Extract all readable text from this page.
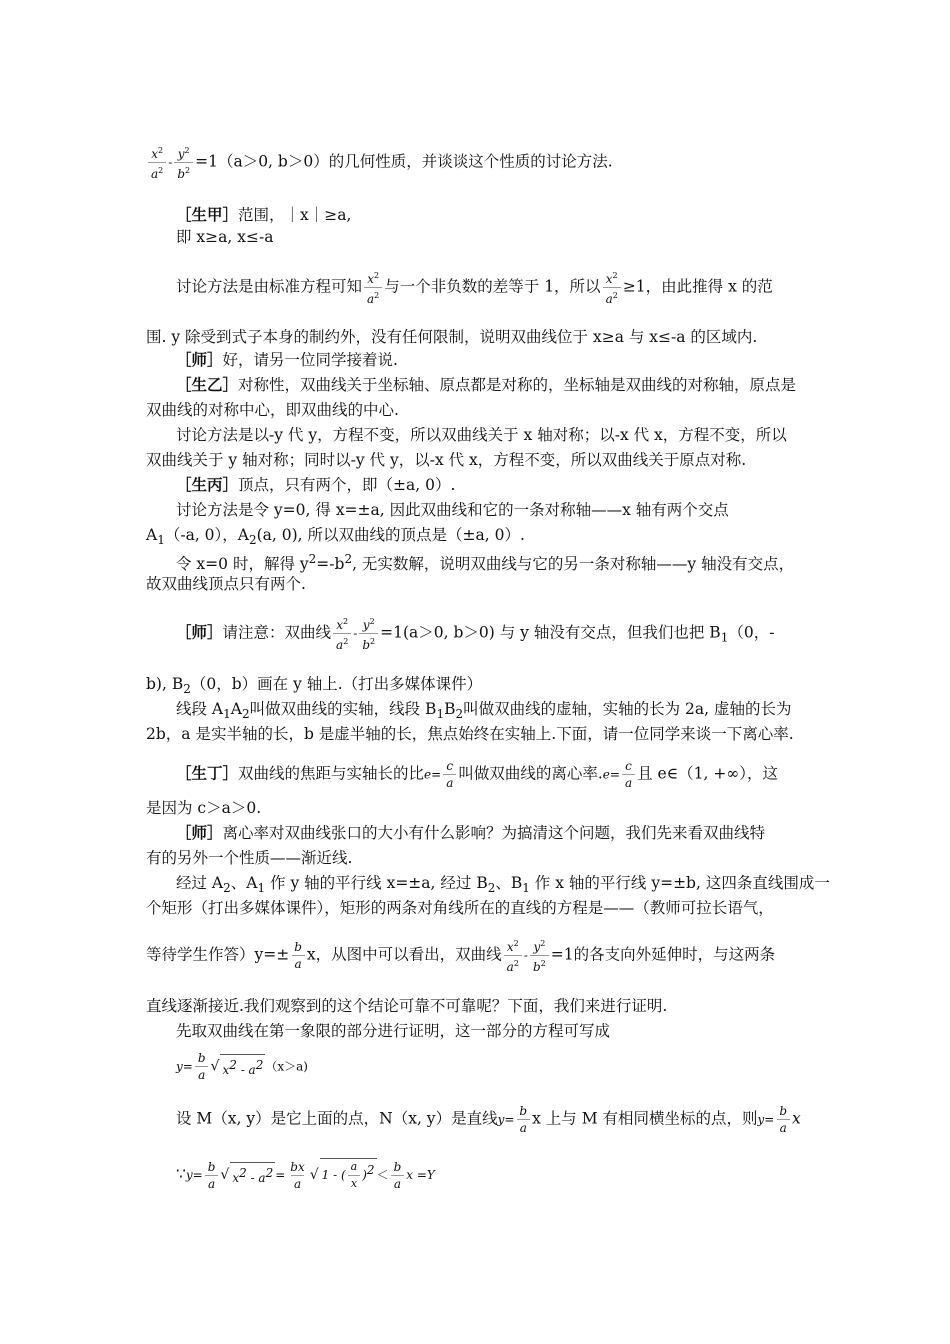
$\frac{x^2}{a^2} - \frac{y^2}{b^2} =1(a>0$, b＞0）的几何性质，并谈谈这个性质的讨论方法.
［生甲］范围，｜x｜≥a,
即 x≥a, x≤-a
讨论方法是由标准方程可知 $\frac{x^2}{a^2}$ 与一个非负数的差等于 1，所以 $\frac{x^2}{a^2} \ge 1$，由此推得 x 的范
围. y 除受到式子本身的制约外，没有任何限制，说明双曲线位于 x≥a 与 x≤-a 的区域内.
［师］好，请另一位同学接着说.
［生乙］对称性，双曲线关于坐标轴、原点都是对称的，坐标轴是双曲线的对称轴，原点是
双曲线的对称中心，即双曲线的中心.
讨论方法是以-y 代 y，方程不变，所以双曲线关于 x 轴对称；以-x 代 x，方程不变，所以
双曲线关于 y 轴对称；同时以-y 代 y，以-x 代 x，方程不变，所以双曲线关于原点对称.
［生丙］顶点，只有两个，即（±a, 0）.
讨论方法是令 y=0, 得 x=±a, 因此双曲线和它的一条对称轴——x 轴有两个交点
$A_1(-a$, 0），$A_2(a$, 0), 所以双曲线的顶点是（±a, 0）.
令 x=0 时，解得 $y^2=-b^2$, 无实数解，说明双曲线与它的另一条对称轴——y 轴没有交点，
故双曲线顶点只有两个.
［师］请注意：双曲线 $\frac{x^2}{a^2} - \frac{y^2}{b^2} =1(a>0$, b＞0) 与 y 轴没有交点，但我们也把 $B_1(0$，-
b), $B_2(0$，b）画在 y 轴上.（打出多媒体课件）
线段 $A_1A_2$叫做双曲线的实轴，线段 $B_1B_2$叫做双曲线的虚轴，实轴的长为 2a, 虚轴的长为
2b，a 是实半轴的长，b 是虚半轴的长，焦点始终在实轴上.下面，请一位同学来谈一下离心率.
［生丁］双曲线的焦距与实轴长的比$e= \frac{c}{a}$ 叫做双曲线的离心率$.e= \frac{c}{a}$ 且 e∈（1, +∞），这
是因为 c＞a＞0.
［师］离心率对双曲线张口的大小有什么影响？为搞清这个问题，我们先来看双曲线特
有的另外一个性质——渐近线.
经过 $A_2$、$A_1$ 作 y 轴的平行线 x=±a, 经过 $B_2$、$B_1$ 作 x 轴的平行线 y=±b, 这四条直线围成一
个矩形（打出多媒体课件），矩形的两条对角线所在的直线的方程是——（教师可拉长语气，
等待学生作答）$y=\pm \frac{b}{a}$ x，从图中可以看出，双曲线 $\frac{x^2}{a^2} - \frac{y^2}{b^2} =1$的各支向外延伸时，与这两条
直线逐渐接近.我们观察到的这个结论可靠不可靠呢？下面，我们来进行证明.
先取双曲线在第一象限的部分进行证明，这一部分的方程可写成
$y= \frac{b}{a}$ √ $x^2 - a^2$ （x＞a)
设 M（x, y）是它上面的点，N（x, y）是直线$y= \frac{b}{a}$ x 上与 M 有相同横坐标的点，则$y= \frac{b}{a}$ x
∵y= $\frac{b}{a}$ √ $x^2 - a^2 = \frac{bx}{a}$ √ 1 - ( $\frac{a}{x} )^2 < \frac{b}{a}$ x =Y
